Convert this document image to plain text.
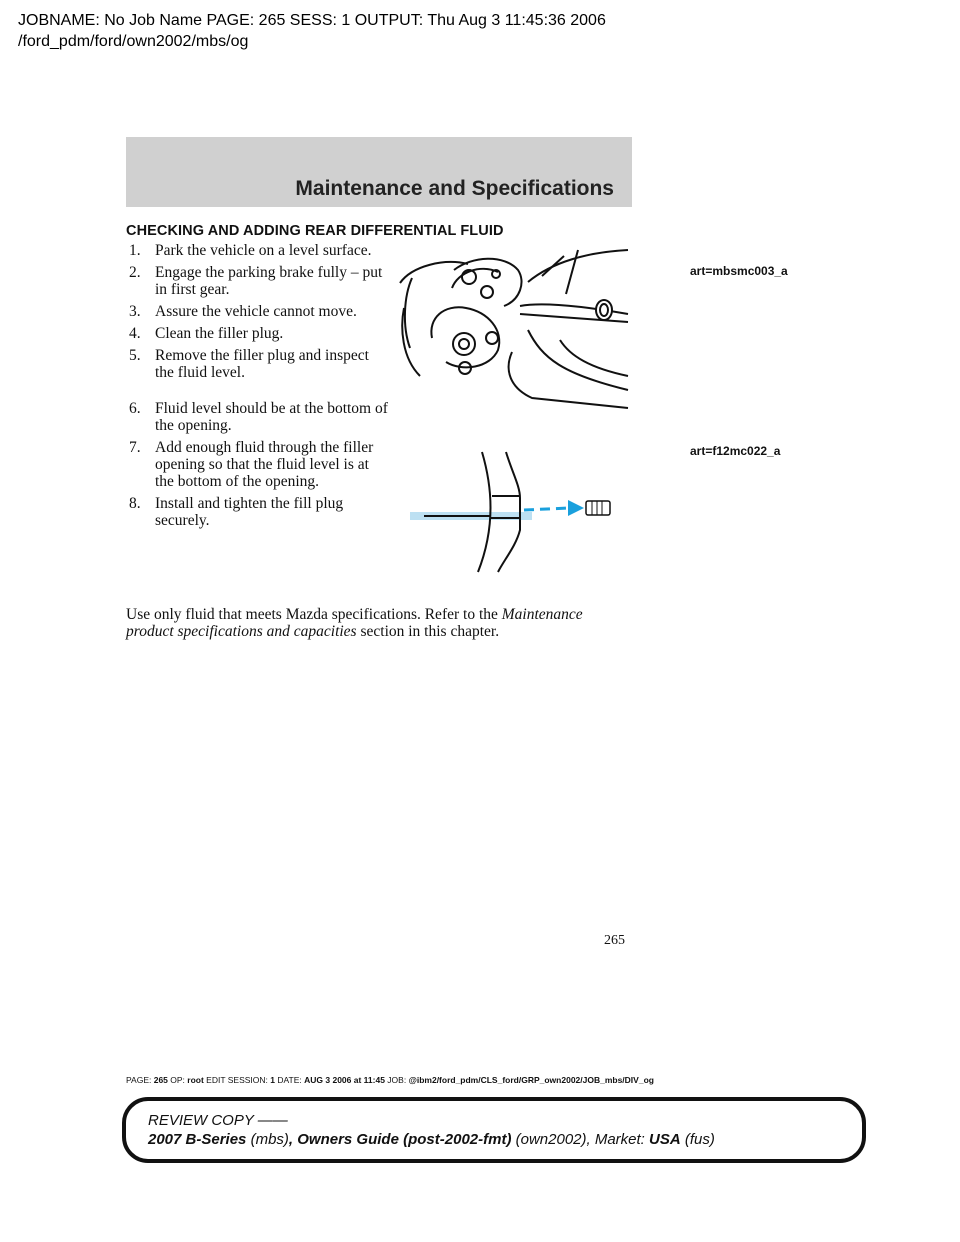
JOBNAME: No Job Name PAGE: 265 SESS: 1 OUTPUT: Thu Aug 3 11:45:36 2006
/ford_pdm/ford/own2002/mbs/og
Maintenance and Specifications
CHECKING AND ADDING REAR DIFFERENTIAL FLUID
1. Park the vehicle on a level surface.
2. Engage the parking brake fully – put in first gear.
3. Assure the vehicle cannot move.
4. Clean the filler plug.
5. Remove the filler plug and inspect the fluid level.
6. Fluid level should be at the bottom of the opening.
7. Add enough fluid through the filler opening so that the fluid level is at the bottom of the opening.
8. Install and tighten the fill plug securely.
art=mbsmc003_a
art=f12mc022_a

Use only fluid that meets Mazda specifications. Refer to the Maintenance product specifications and capacities section in this chapter.

265
PAGE: 265 OP: root EDIT SESSION: 1 DATE: AUG 3 2006 at 11:45 JOB: @ibm2/ford_pdm/CLS_ford/GRP_own2002/JOB_mbs/DIV_og
REVIEW COPY ——
2007 B-Series (mbs), Owners Guide (post-2002-fmt) (own2002), Market: USA (fus)
